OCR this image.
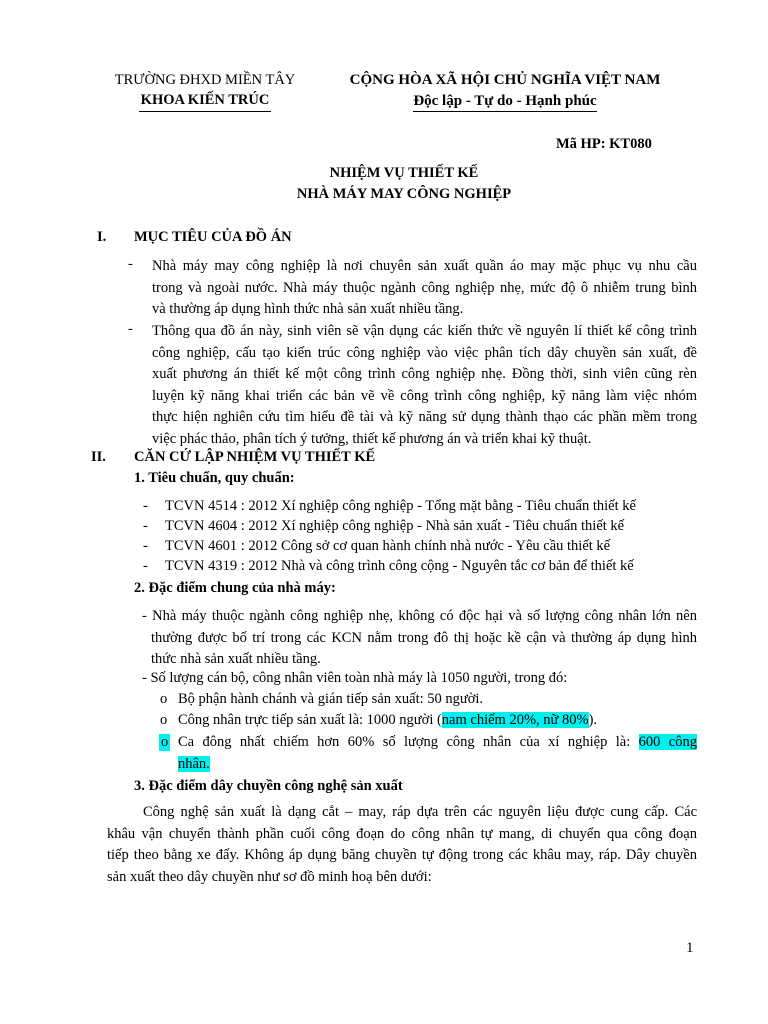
TRƯỜNG ĐHXD MIỀN TÂY
KHOA KIẾN TRÚC
CỘNG HÒA XÃ HỘI CHỦ NGHĨA VIỆT NAM
Độc lập - Tự do - Hạnh phúc
Mã HP: KT080
NHIỆM VỤ THIẾT KẾ
NHÀ MÁY MAY CÔNG NGHIỆP
I. MỤC TIÊU CỦA ĐỒ ÁN
- Nhà máy may công nghiệp là nơi chuyên sản xuất quần áo may mặc phục vụ nhu cầu
trong và ngoài nước. Nhà máy thuộc ngành công nghiệp nhẹ, mức độ ô nhiễm trung bình
và thường áp dụng hình thức nhà sản xuất nhiều tầng.
- Thông qua đồ án này, sinh viên sẽ vận dụng các kiến thức về nguyên lí thiết kế công trình
công nghiệp, cấu tạo kiến trúc công nghiệp vào việc phân tích dây chuyền sản xuất, đề
xuất phương án thiết kế một công trình công nghiệp nhẹ. Đồng thời, sinh viên cũng rèn
luyện kỹ năng khai triển các bản vẽ về công trình công nghiệp, kỹ năng làm việc nhóm
thực hiện nghiên cứu tìm hiểu đề tài và kỹ năng sử dụng thành thạo các phần mềm trong
việc phác thảo, phân tích ý tưởng, thiết kế phương án và triển khai kỹ thuật.
II. CĂN CỨ LẬP NHIỆM VỤ THIẾT KẾ
1. Tiêu chuẩn, quy chuẩn:
- TCVN 4514 : 2012 Xí nghiệp công nghiệp - Tổng mặt bằng - Tiêu chuẩn thiết kế
- TCVN 4604 : 2012 Xí nghiệp công nghiệp - Nhà sản xuất - Tiêu chuẩn thiết kế
- TCVN 4601 : 2012 Công sở cơ quan hành chính nhà nước - Yêu cầu thiết kế
- TCVN 4319 : 2012 Nhà và công trình công cộng - Nguyên tắc cơ bản để thiết kế
2. Đặc điểm chung của nhà máy:
- Nhà máy thuộc ngành công nghiệp nhẹ, không có độc hại và số lượng công nhân lớn nên
thường được bố trí trong các KCN nằm trong đô thị hoặc kề cận và thường áp dụng hình
thức nhà sản xuất nhiều tầng.
- Số lượng cán bộ, công nhân viên toàn nhà máy là 1050 người, trong đó:
o Bộ phận hành chánh và gián tiếp sản xuất: 50 người.
o Công nhân trực tiếp sản xuất là: 1000 người (nam chiếm 20%, nữ 80%).
o Ca đông nhất chiếm hơn 60% số lượng công nhân của xí nghiệp là: 600 công
nhân.
3. Đặc điểm dây chuyền công nghệ sản xuất
Công nghệ sản xuất là dạng cắt – may, ráp dựa trên các nguyên liệu được cung cấp. Các
khâu vận chuyển thành phần cuối công đoạn do công nhân tự mang, di chuyển qua công đoạn
tiếp theo bằng xe đẩy. Không áp dụng băng chuyền tự động trong các khâu may, ráp. Dây chuyền
sản xuất theo dây chuyền như sơ đồ minh hoạ bên dưới:
1
